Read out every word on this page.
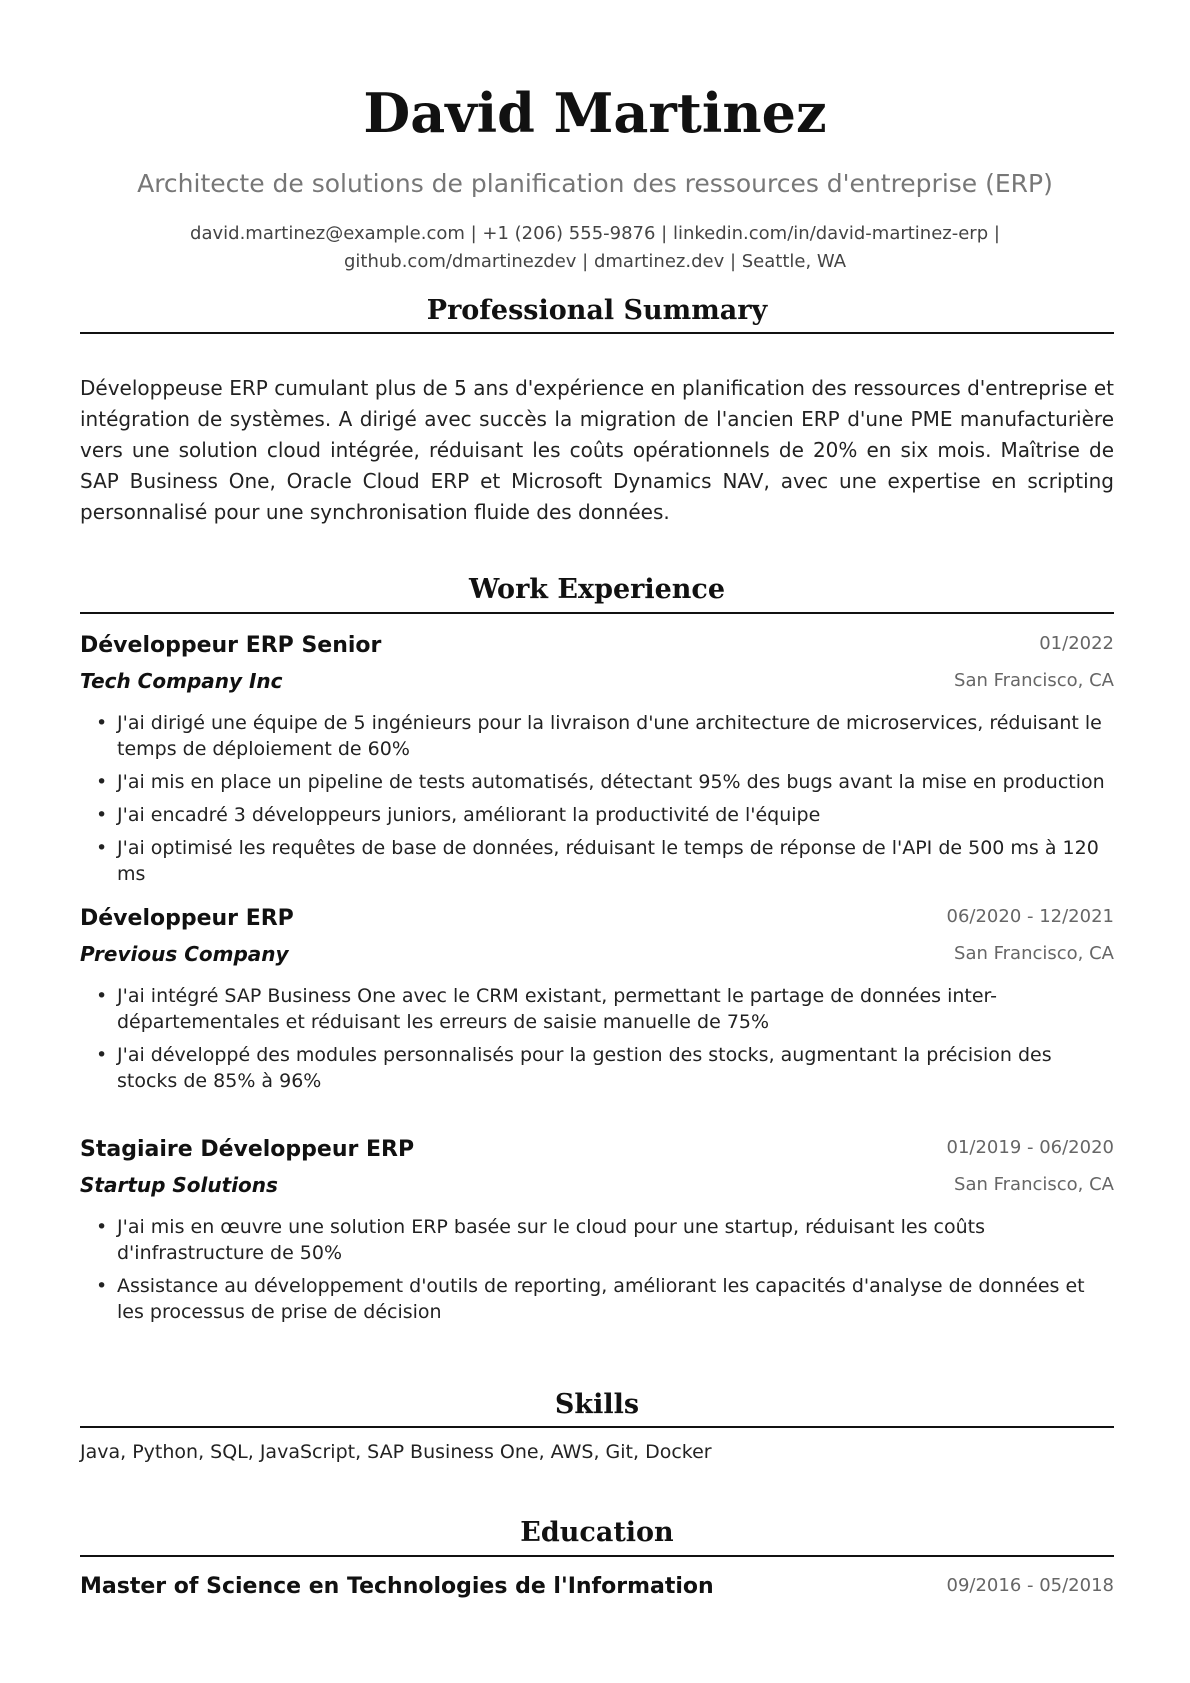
David Martinez
Architecte de solutions de planification des ressources d'entreprise (ERP)
david.martinez@example.com | +1 (206) 555-9876 | linkedin.com/in/david-martinez-erp |
github.com/dmartinezdev | dmartinez.dev | Seattle, WA
Professional Summary
Développeuse ERP cumulant plus de 5 ans d'expérience en planification des ressources d'entreprise et intégration de systèmes. A dirigé avec succès la migration de l'ancien ERP d'une PME manufacturière vers une solution cloud intégrée, réduisant les coûts opérationnels de 20% en six mois. Maîtrise de SAP Business One, Oracle Cloud ERP et Microsoft Dynamics NAV, avec une expertise en scripting personnalisé pour une synchronisation fluide des données.
Work Experience
Développeur ERP Senior	01/2022
Tech Company Inc	San Francisco, CA
• J'ai dirigé une équipe de 5 ingénieurs pour la livraison d'une architecture de microservices, réduisant le temps de déploiement de 60%
• J'ai mis en place un pipeline de tests automatisés, détectant 95% des bugs avant la mise en production
• J'ai encadré 3 développeurs juniors, améliorant la productivité de l'équipe
• J'ai optimisé les requêtes de base de données, réduisant le temps de réponse de l'API de 500 ms à 120 ms
Développeur ERP	06/2020 - 12/2021
Previous Company	San Francisco, CA
• J'ai intégré SAP Business One avec le CRM existant, permettant le partage de données inter-départementales et réduisant les erreurs de saisie manuelle de 75%
• J'ai développé des modules personnalisés pour la gestion des stocks, augmentant la précision des stocks de 85% à 96%
Stagiaire Développeur ERP	01/2019 - 06/2020
Startup Solutions	San Francisco, CA
• J'ai mis en œuvre une solution ERP basée sur le cloud pour une startup, réduisant les coûts d'infrastructure de 50%
• Assistance au développement d'outils de reporting, améliorant les capacités d'analyse de données et les processus de prise de décision
Skills
Java, Python, SQL, JavaScript, SAP Business One, AWS, Git, Docker
Education
Master of Science en Technologies de l'Information	09/2016 - 05/2018
